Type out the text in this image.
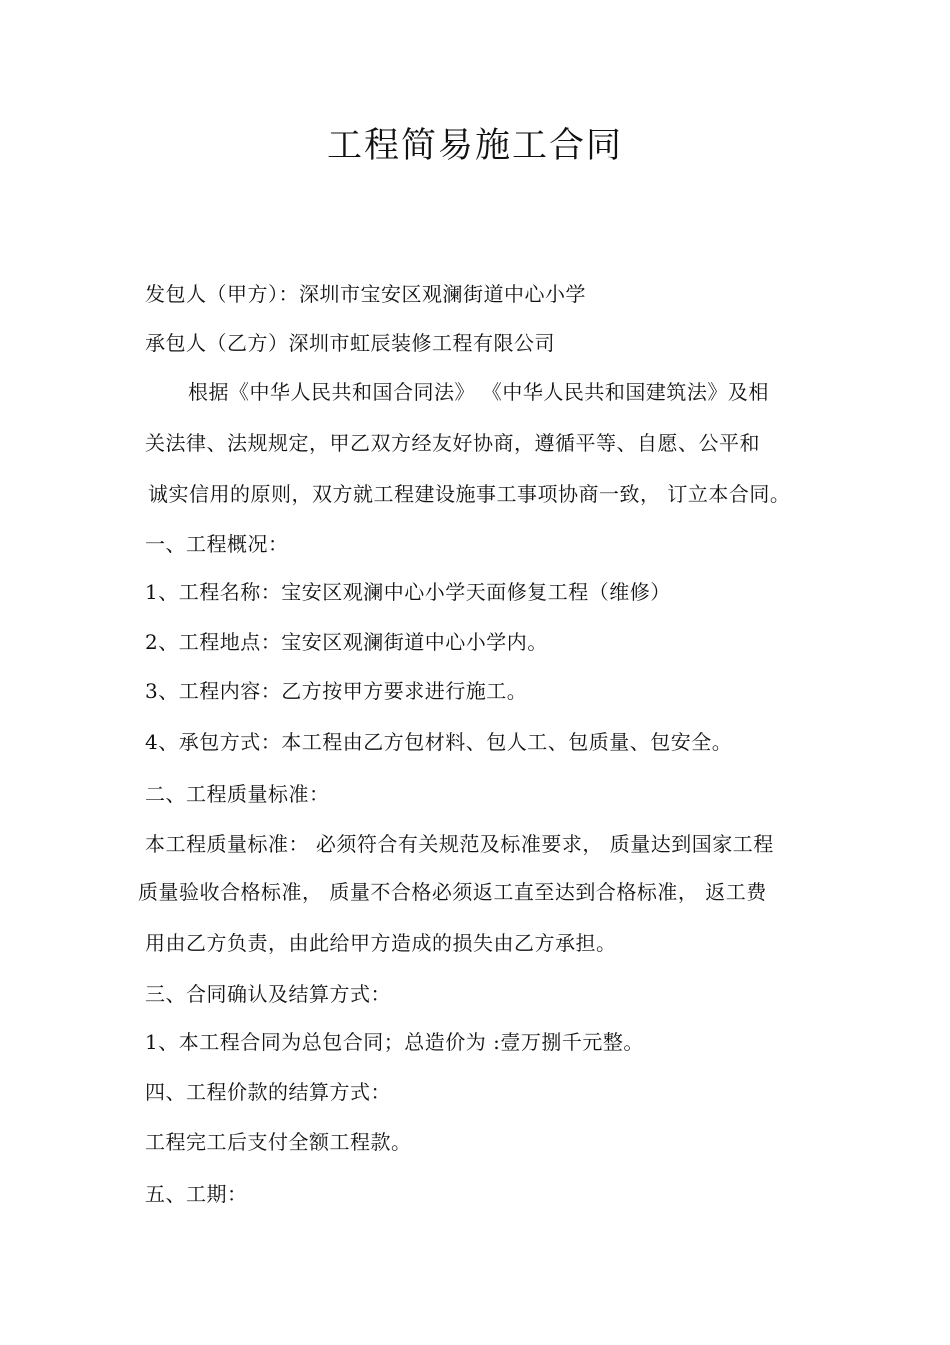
工程简易施工合同
发包人（甲方）：深圳市宝安区观澜街道中心小学
承包人（乙方）深圳市虹辰装修工程有限公司
根据《中华人民共和国合同法》 《中华人民共和国建筑法》及相
关法律、法规规定，甲乙双方经友好协商，遵循平等、自愿、公平和
诚实信用的原则，双方就工程建设施事工事项协商一致， 订立本合同。
一、工程概况：
1、工程名称：宝安区观澜中心小学天面修复工程（维修）
2、工程地点：宝安区观澜街道中心小学内。
3、工程内容：乙方按甲方要求进行施工。
4、承包方式：本工程由乙方包材料、包人工、包质量、包安全。
二、工程质量标准：
本工程质量标准： 必须符合有关规范及标准要求， 质量达到国家工程
质量验收合格标准， 质量不合格必须返工直至达到合格标准， 返工费
用由乙方负责，由此给甲方造成的损失由乙方承担。
三、合同确认及结算方式：
1、本工程合同为总包合同；总造价为 :壹万捌千元整。
四、工程价款的结算方式：
工程完工后支付全额工程款。
五、工期：
